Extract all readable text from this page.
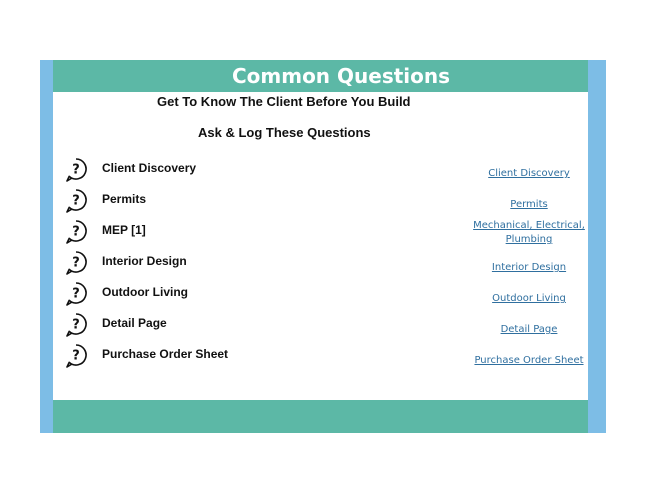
Common Questions
Get To Know The Client Before You Build
Ask & Log These Questions
? Client Discovery	Client Discovery
? Permits	Permits
? MEP [1]	Mechanical, Electrical,
Plumbing
? Interior Design	Interior Design
? Outdoor Living	Outdoor Living
? Detail Page	Detail Page
? Purchase Order Sheet	Purchase Order Sheet
